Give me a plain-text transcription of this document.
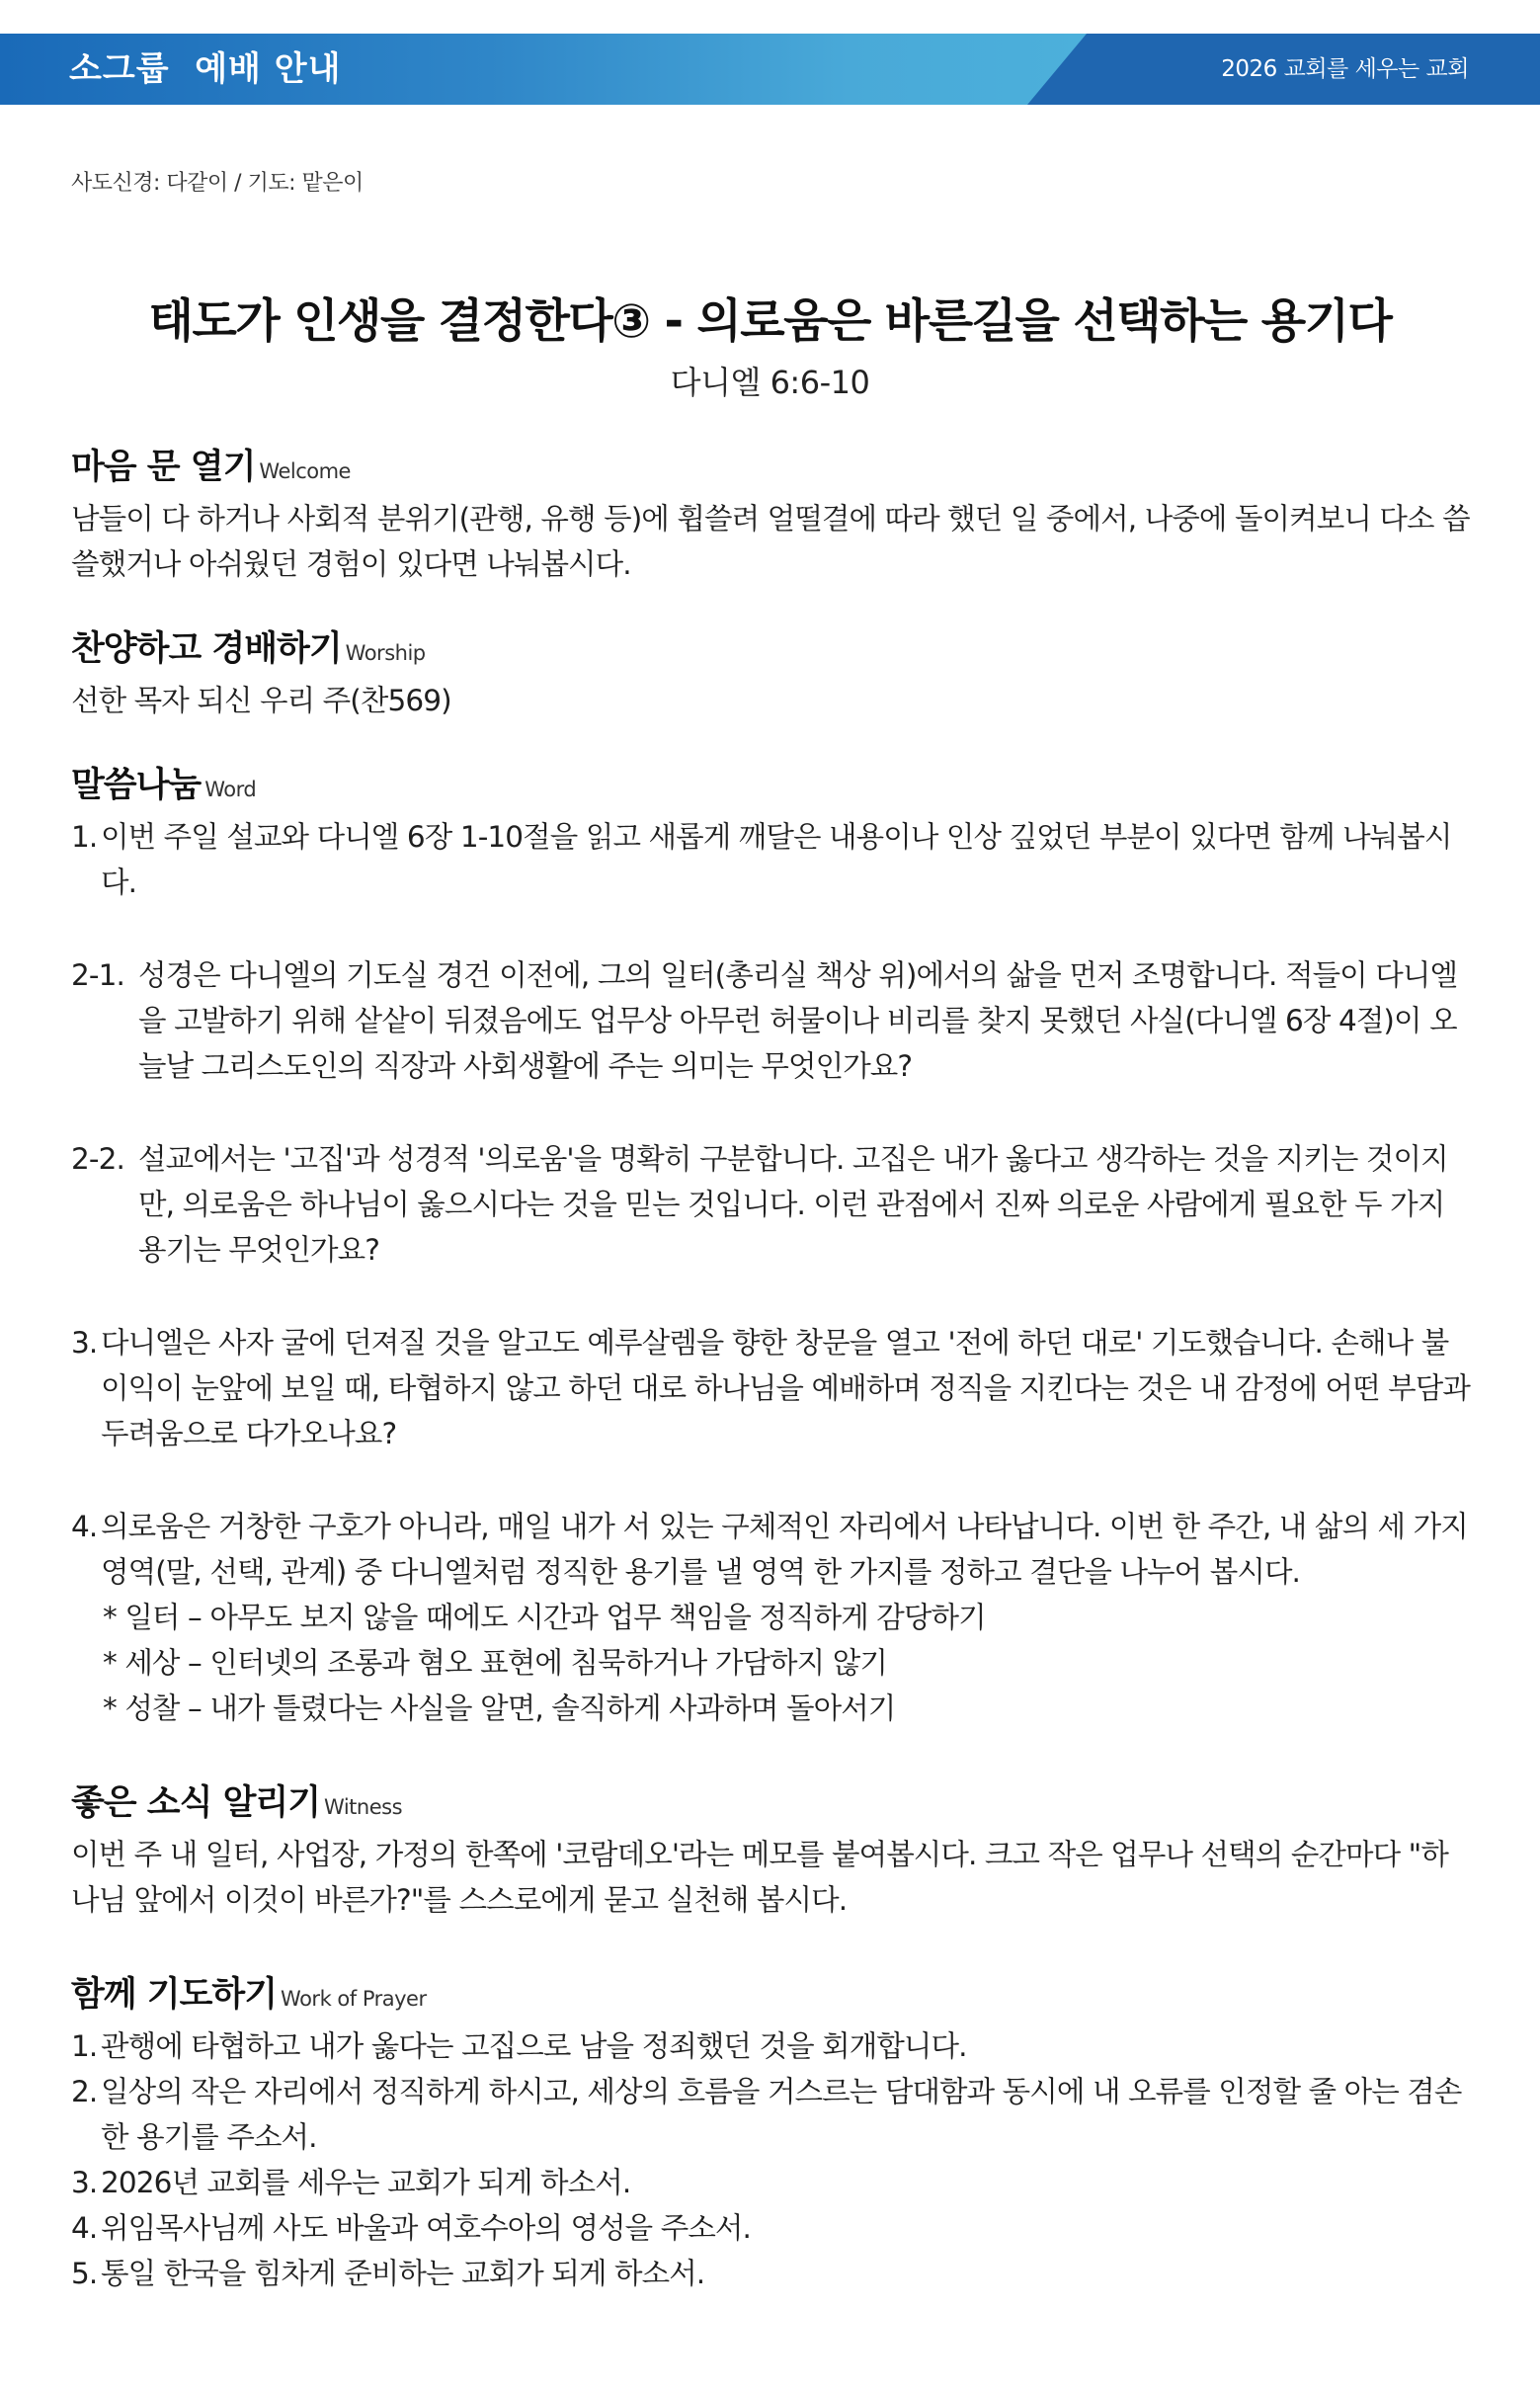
소그룹  예배 안내	2026 교회를 세우는 교회
사도신경: 다같이 / 기도: 맡은이
태도가 인생을 결정한다③ - 의로움은 바른길을 선택하는 용기다
다니엘 6:6-10
마음 문 열기 Welcome
남들이 다 하거나 사회적 분위기(관행, 유행 등)에 휩쓸려 얼떨결에 따라 했던 일 중에서, 나중에 돌이켜보니 다소 씁쓸했거나 아쉬웠던 경험이 있다면 나눠봅시다.
찬양하고 경배하기 Worship
선한 목자 되신 우리 주(찬569)
말씀나눔 Word
1. 이번 주일 설교와 다니엘 6장 1-10절을 읽고 새롭게 깨달은 내용이나 인상 깊었던 부분이 있다면 함께 나눠봅시다.
2-1. 성경은 다니엘의 기도실 경건 이전에, 그의 일터(총리실 책상 위)에서의 삶을 먼저 조명합니다. 적들이 다니엘을 고발하기 위해 샅샅이 뒤졌음에도 업무상 아무런 허물이나 비리를 찾지 못했던 사실(다니엘 6장 4절)이 오늘날 그리스도인의 직장과 사회생활에 주는 의미는 무엇인가요?
2-2. 설교에서는 '고집'과 성경적 '의로움'을 명확히 구분합니다. 고집은 내가 옳다고 생각하는 것을 지키는 것이지만, 의로움은 하나님이 옳으시다는 것을 믿는 것입니다. 이런 관점에서 진짜 의로운 사람에게 필요한 두 가지 용기는 무엇인가요?
3. 다니엘은 사자 굴에 던져질 것을 알고도 예루살렘을 향한 창문을 열고 '전에 하던 대로' 기도했습니다. 손해나 불이익이 눈앞에 보일 때, 타협하지 않고 하던 대로 하나님을 예배하며 정직을 지킨다는 것은 내 감정에 어떤 부담과 두려움으로 다가오나요?
4. 의로움은 거창한 구호가 아니라, 매일 내가 서 있는 구체적인 자리에서 나타납니다. 이번 한 주간, 내 삶의 세 가지 영역(말, 선택, 관계) 중 다니엘처럼 정직한 용기를 낼 영역 한 가지를 정하고 결단을 나누어 봅시다.
* 일터 – 아무도 보지 않을 때에도 시간과 업무 책임을 정직하게 감당하기
* 세상 – 인터넷의 조롱과 혐오 표현에 침묵하거나 가담하지 않기
* 성찰 – 내가 틀렸다는 사실을 알면, 솔직하게 사과하며 돌아서기
좋은 소식 알리기 Witness
이번 주 내 일터, 사업장, 가정의 한쪽에 '코람데오'라는 메모를 붙여봅시다. 크고 작은 업무나 선택의 순간마다 "하나님 앞에서 이것이 바른가?"를 스스로에게 묻고 실천해 봅시다.
함께 기도하기 Work of Prayer
1. 관행에 타협하고 내가 옳다는 고집으로 남을 정죄했던 것을 회개합니다.
2. 일상의 작은 자리에서 정직하게 하시고, 세상의 흐름을 거스르는 담대함과 동시에 내 오류를 인정할 줄 아는 겸손한 용기를 주소서.
3. 2026년 교회를 세우는 교회가 되게 하소서.
4. 위임목사님께 사도 바울과 여호수아의 영성을 주소서.
5. 통일 한국을 힘차게 준비하는 교회가 되게 하소서.
